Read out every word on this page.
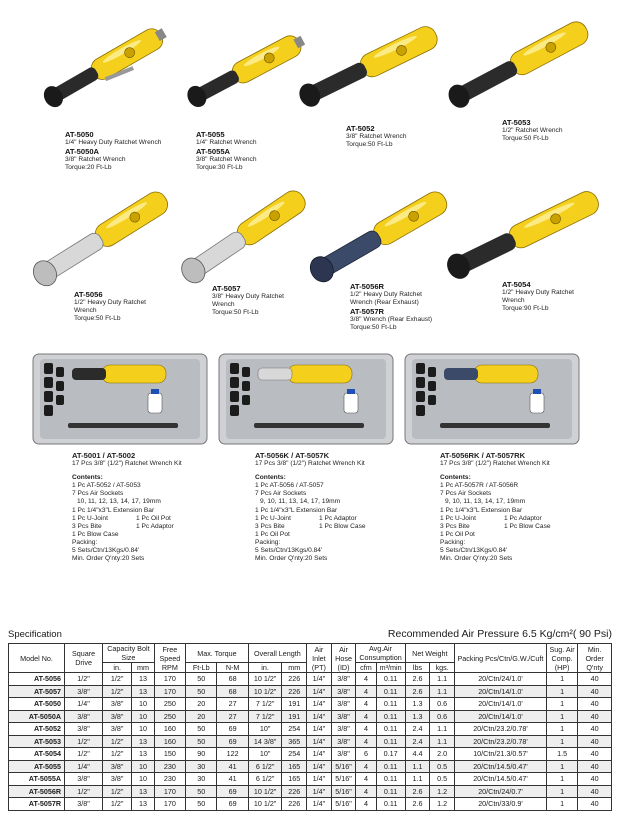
AT-5050
1/4" Heavy Duty Ratchet Wrench
AT-5050A
3/8" Ratchet Wrench
Torque:20 Ft-Lb
AT-5055
1/4" Ratchet Wrench
AT-5055A
3/8" Ratchet Wrench
Torque:30 Ft-Lb
AT-5052
3/8" Ratchet Wrench
Torque:50 Ft-Lb
AT-5053
1/2" Ratchet Wrench
Torque:50 Ft-Lb
AT-5056
1/2" Heavy Duty Ratchet
Wrench
Torque:50 Ft-Lb
AT-5057
3/8" Heavy Duty Ratchet
Wrench
Torque:50 Ft-Lb
AT-5056R
1/2" Heavy Duty Ratchet
Wrench (Rear Exhaust)
AT-5057R
3/8" Wrench (Rear Exhaust)
Torque:50 Ft-Lb
AT-5054
1/2" Heavy Duty Ratchet
Wrench
Torque:90 Ft-Lb
AT-5001 / AT-5002
17 Pcs 3/8" (1/2") Ratchet Wrench Kit
Contents:
1 Pc AT-5052 / AT-5053
7 Pcs Air Sockets
10, 11, 12, 13, 14, 17, 19mm
1 Pc 1/4"x3"L Extension Bar
1 Pc U-Joint	1 Pc Oil Pot
3 Pcs Bite	1 Pc Adaptor
1 Pc Blow Case
Packing:
5 Sets/Ctn/13Kgs/0.84'
Min. Order Q'nty:20 Sets
AT-5056K / AT-5057K
17 Pcs 3/8" (1/2") Ratchet Wrench Kit
Contents:
1 Pc AT-5056 / AT-5057
7 Pcs Air Sockets
9, 10, 11, 13, 14, 17, 19mm
1 Pc 1/4"x3"L Extension Bar
1 Pc U-Joint	1 Pc Adaptor
3 Pcs Bite	1 Pc Blow Case
1 Pc Oil Pot
Packing:
5 Sets/Ctn/13Kgs/0.84'
Min. Order Q'nty:20 Sets
AT-5056RK / AT-5057RK
17 Pcs 3/8" (1/2") Ratchet Wrench Kit
Contents:
1 Pc AT-5057R / AT-5056R
7 Pcs Air Sockets
9, 10, 11, 13, 14, 17, 19mm
1 Pc 1/4"x3"L Extension Bar
1 Pc U-Joint	1 Pc Adaptor
3 Pcs Bite	1 Pc Blow Case
1 Pc Oil Pot
Packing:
5 Sets/Ctn/13Kgs/0.84'
Min. Order Q'nty:20 Sets
Specification	Recommended Air Pressure 6.5 Kg/cm²( 90 Psi)
Model No.	Square Drive	Capacity Bolt Size		Free Speed RPM	Max. Torque		Overall Length		Air Inlet (PT)	Air Hose (ID)	Avg.Air Consumption		Net Weight		Packing Pcs/Ctn/G.W./Cuft	Sug. Air Comp. (HP)	Min. Order Q'nty
		in.	mm		Ft-Lb	N-M	in.	mm			cfm	m³/min	lbs	kgs.			
AT-5056	1/2"	1/2"	13	170	50	68	10 1/2"	226	1/4"	3/8"	4	0.11	2.6	1.1	20/Ctn/24/1.0'	1	40
AT-5057	3/8"	1/2"	13	170	50	68	10 1/2"	226	1/4"	3/8"	4	0.11	2.6	1.1	20/Ctn/14/1.0'	1	40
AT-5050	1/4"	3/8"	10	250	20	27	7 1/2"	191	1/4"	3/8"	4	0.11	1.3	0.6	20/Ctn/14/1.0'	1	40
AT-5050A	3/8"	3/8"	10	250	20	27	7 1/2"	191	1/4"	3/8"	4	0.11	1.3	0.6	20/Ctn/14/1.0'	1	40
AT-5052	3/8"	3/8"	10	160	50	69	10"	254	1/4"	3/8"	4	0.11	2.4	1.1	20/Ctn/23.2/0.78'	1	40
AT-5053	1/2"	1/2"	13	160	50	69	14 3/8"	365	1/4"	3/8"	4	0.11	2.4	1.1	20/Ctn/23.2/0.78'	1	40
AT-5054	1/2"	1/2"	13	150	90	122	10"	254	1/4"	3/8"	6	0.17	4.4	2.0	10/Ctn/21.3/0.57'	1.5	40
AT-5055	1/4"	3/8"	10	230	30	41	6 1/2"	165	1/4"	5/16"	4	0.11	1.1	0.5	20/Ctn/14.5/0.47'	1	40
AT-5055A	3/8"	3/8"	10	230	30	41	6 1/2"	165	1/4"	5/16"	4	0.11	1.1	0.5	20/Ctn/14.5/0.47'	1	40
AT-5056R	1/2"	1/2"	13	170	50	69	10 1/2"	226	1/4"	5/16"	4	0.11	2.6	1.2	20/Ctn/24/0.7'	1	40
AT-5057R	3/8"	1/2"	13	170	50	69	10 1/2"	226	1/4"	5/16"	4	0.11	2.6	1.2	20/Ctn/33/0.9'	1	40
